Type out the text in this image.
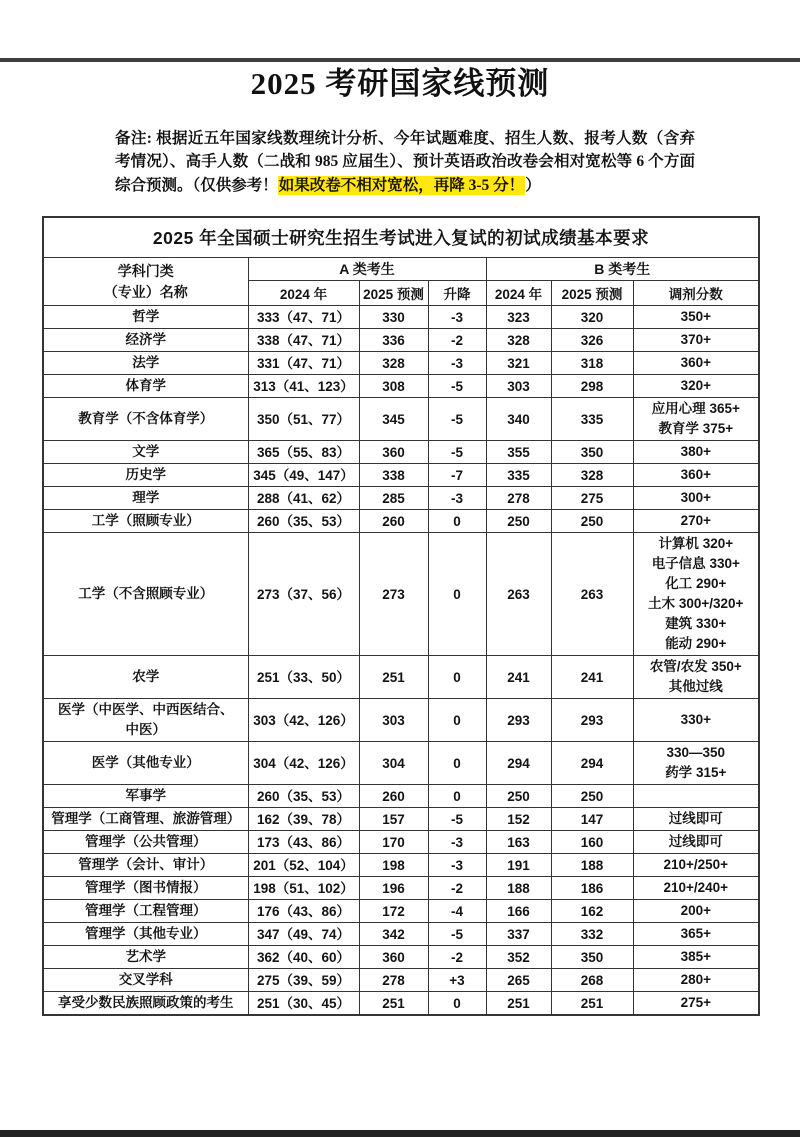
2025 考研国家线预测

备注: 根据近五年国家线数理统计分析、今年试题难度、招生人数、报考人数（含弃考情况）、高手人数（二战和 985 应届生）、预计英语政治改卷会相对宽松等 6 个方面综合预测。（仅供参考！如果改卷不相对宽松，再降 3-5 分！）

2025 年全国硕士研究生招生考试进入复试的初试成绩基本要求						

学科门类
（专业）名称	A 类考生			B 类考生		
	2024 年	2025 预测	升降	2024 年	2025 预测	调剂分数

哲学	333（47、71）	330	-3	323	320	350+

经济学	338（47、71）	336	-2	328	326	370+

法学	331（47、71）	328	-3	321	318	360+

体育学	313（41、123）	308	-5	303	298	320+

教育学（不含体育学）	350（51、77）	345	-5	340	335	应用心理 365+
教育学 375+

文学	365（55、83）	360	-5	355	350	380+

历史学	345（49、147）	338	-7	335	328	360+

理学	288（41、62）	285	-3	278	275	300+

工学（照顾专业）	260（35、53）	260	0	250	250	270+

工学（不含照顾专业）	273（37、56）	273	0	263	263	
计算机 320+
电子信息 330+
化工 290+
土木 300+/320+
建筑 330+
能动 290+

农学	251（33、50）	251	0	241	241	农管/农发 350+
其他过线

医学（中医学、中西医结合、
中医）	303（42、126）	303	0	293	293	330+

医学（其他专业）	304（42、126）	304	0	294	294	330—350
药学 315+

军事学	260（35、53）	260	0	250	250	

管理学（工商管理、旅游管理）	162（39、78）	157	-5	152	147	过线即可

管理学（公共管理）	173（43、86）	170	-3	163	160	过线即可

管理学（会计、审计）	201（52、104）	198	-3	191	188	210+/250+

管理学（图书情报）	198（51、102）	196	-2	188	186	210+/240+

管理学（工程管理）	176（43、86）	172	-4	166	162	200+

管理学（其他专业）	347（49、74）	342	-5	337	332	365+

艺术学	362（40、60）	360	-2	352	350	385+

交叉学科	275（39、59）	278	+3	265	268	280+

享受少数民族照顾政策的考生	251（30、45）	251	0	251	251	275+
